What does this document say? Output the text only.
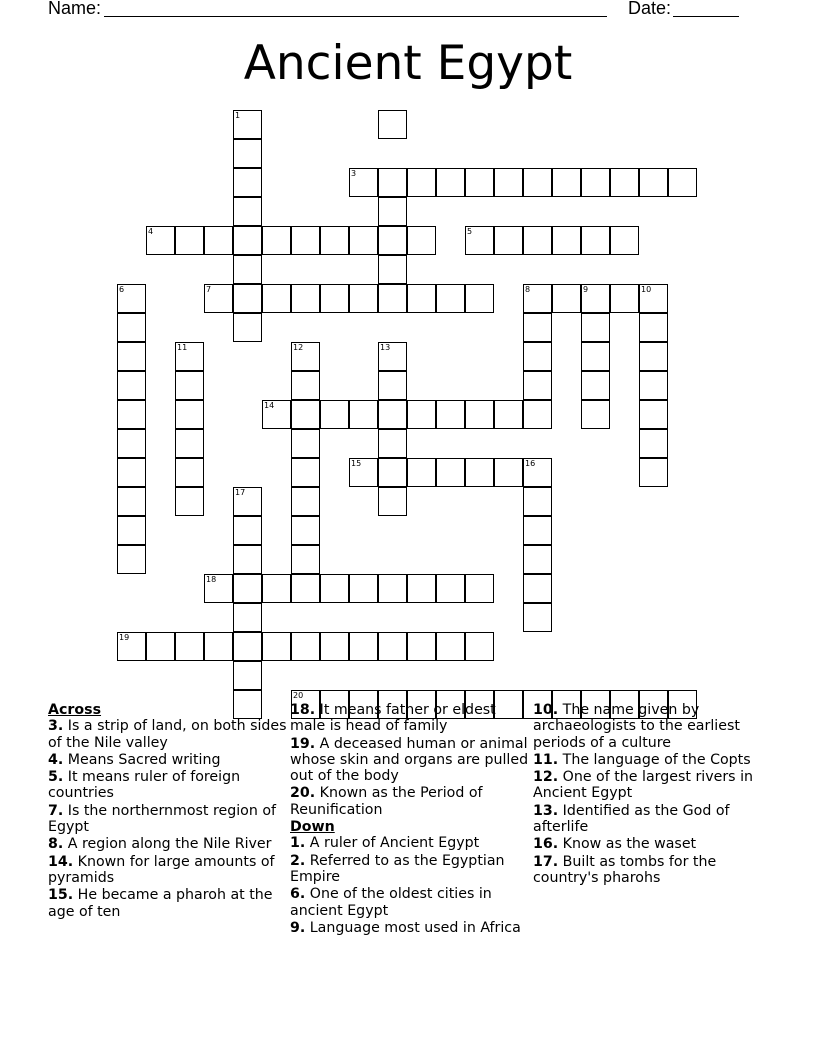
Name:	Date:
Ancient Egypt
1
3
4	5
6	7	8	9	10
11	12	13
14
15	16
17
18
19
20
Across
3. Is a strip of land, on both sides of the Nile valley
4. Means Sacred writing
5. It means ruler of foreign countries
7. Is the northernmost region of Egypt
8. A region along the Nile River
14. Known for large amounts of pyramids
15. He became a pharoh at the age of ten
18. It means father or eldest male is head of family
19. A deceased human or animal whose skin and organs are pulled out of the body
20. Known as the Period of Reunification
Down
1. A ruler of Ancient Egypt
2. Referred to as the Egyptian Empire
6. One of the oldest cities in ancient Egypt
9. Language most used in Africa
10. The name given by archaeologists to the earliest periods of a culture
11. The language of the Copts
12. One of the largest rivers in Ancient Egypt
13. Identified as the God of afterlife
16. Know as the waset
17. Built as tombs for the country's pharohs
